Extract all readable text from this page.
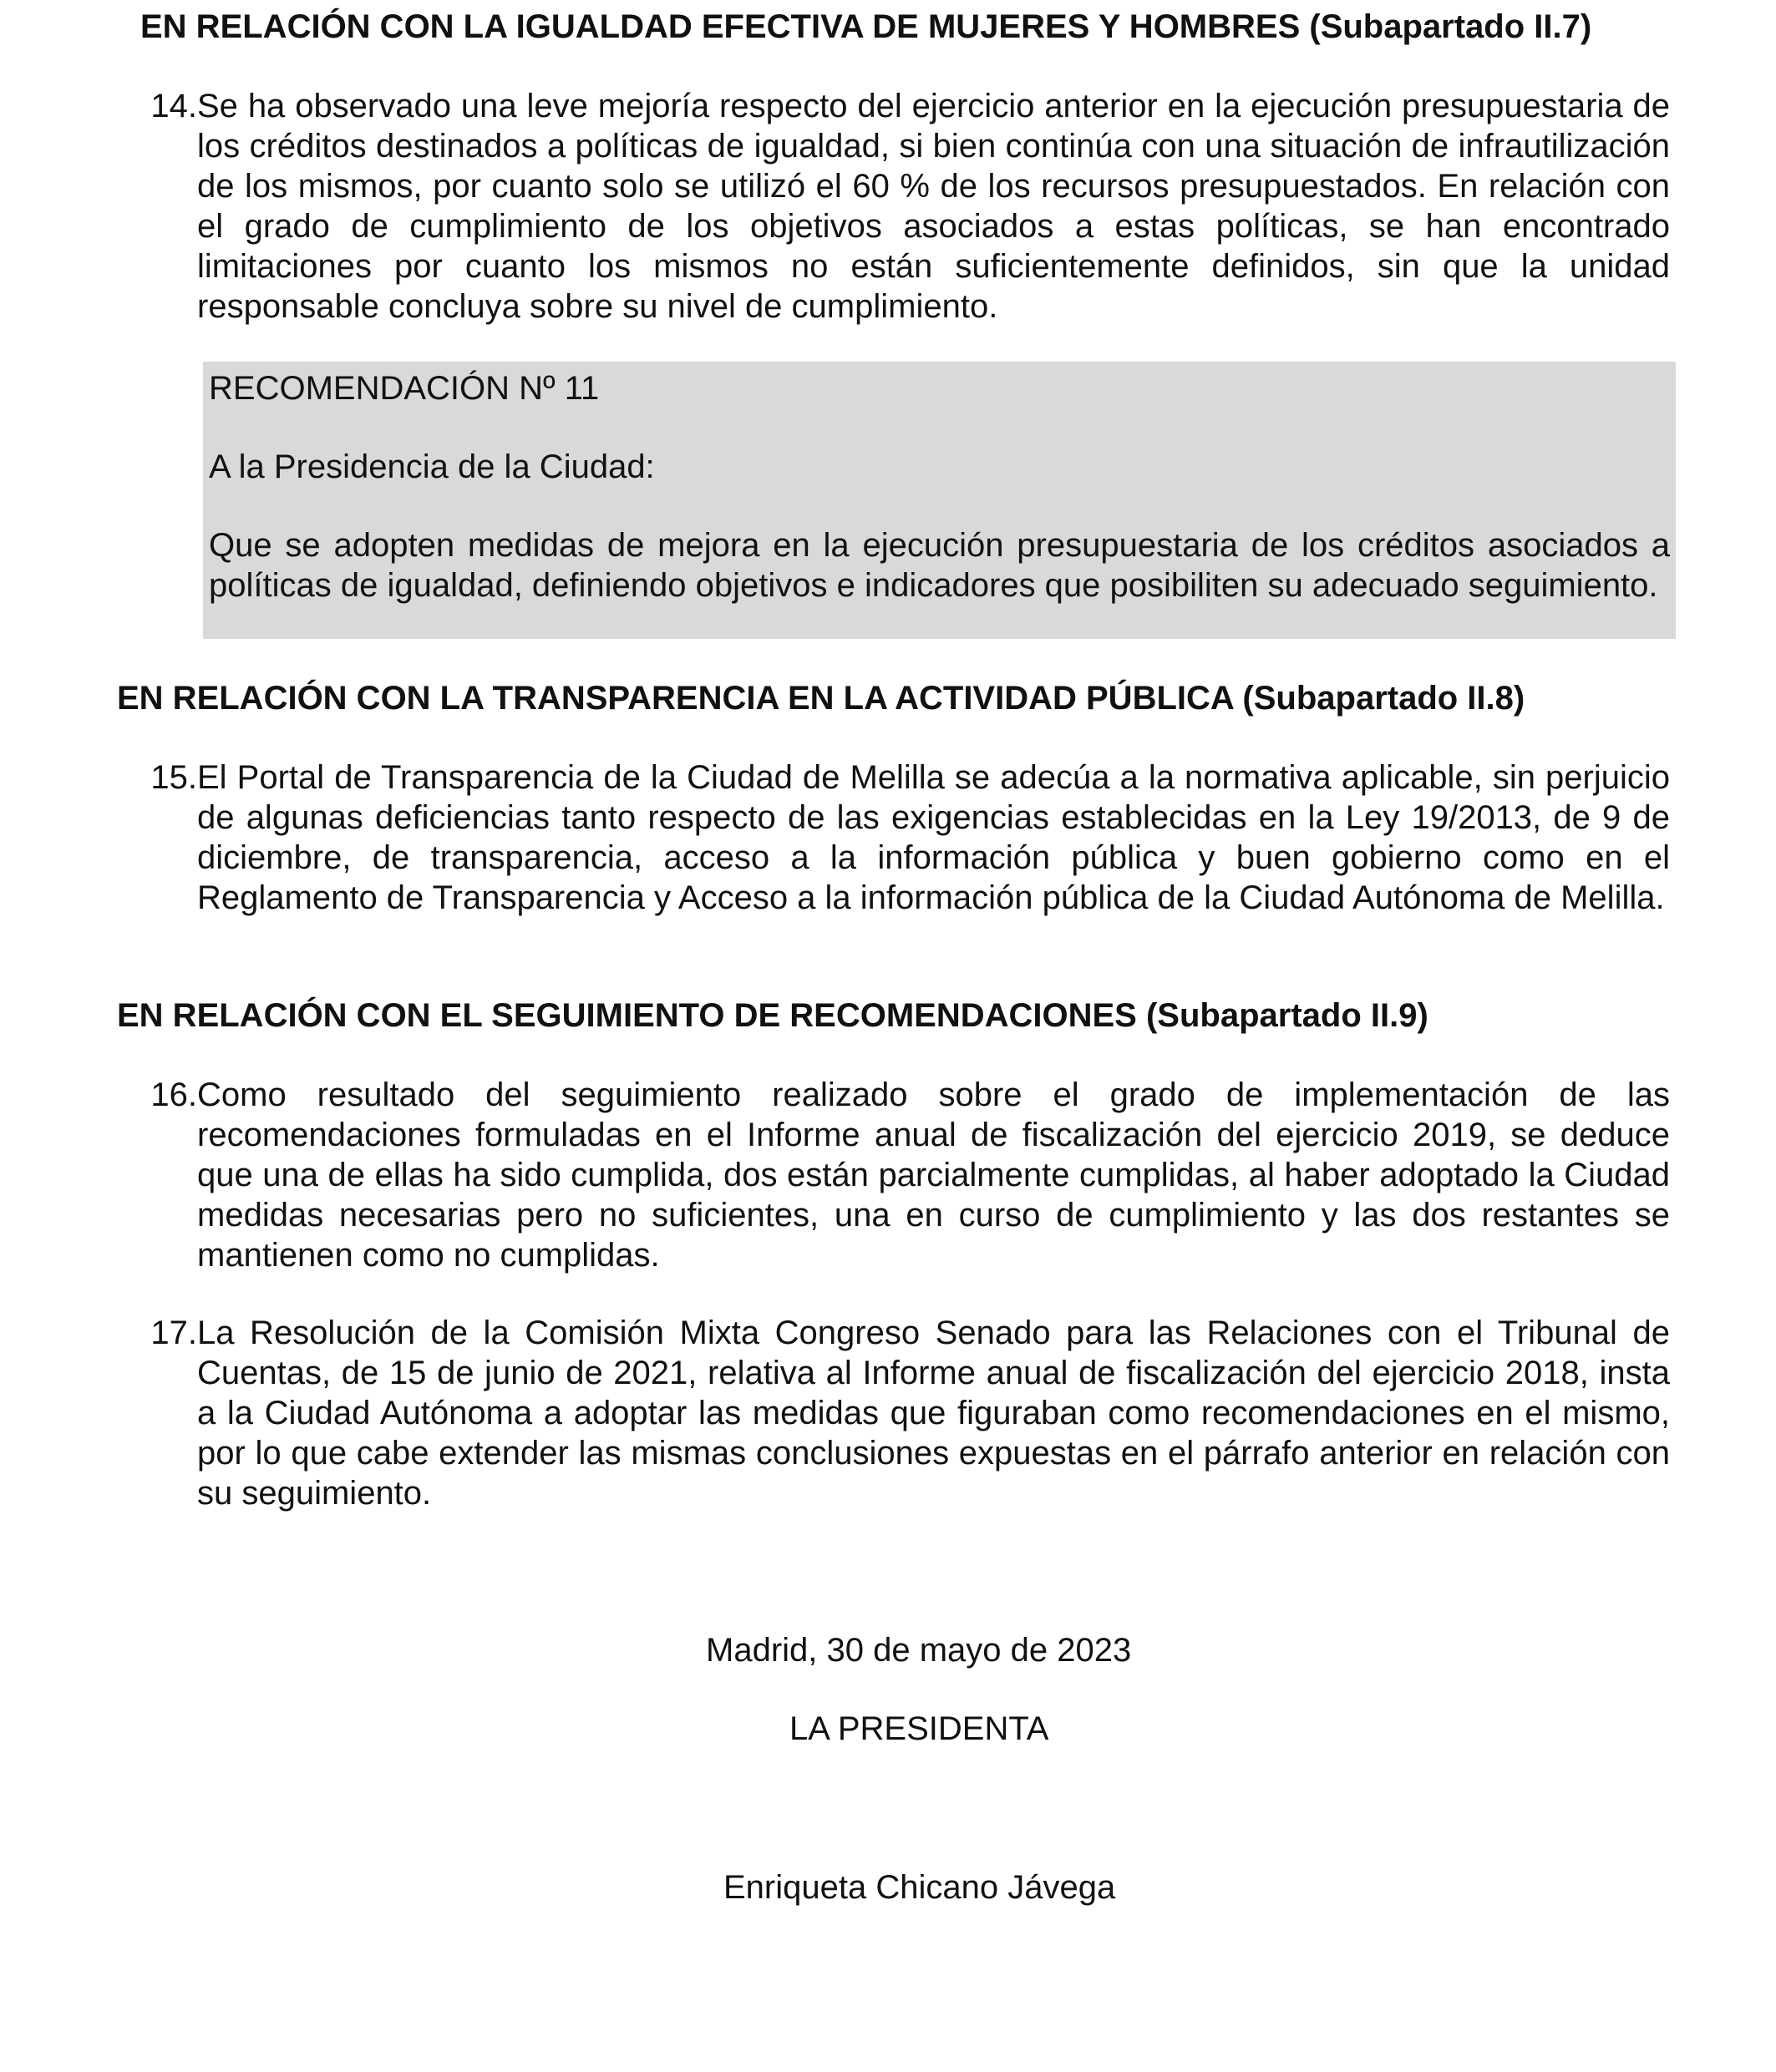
EN RELACIÓN CON LA IGUALDAD EFECTIVA DE MUJERES Y HOMBRES (Subapartado II.7)
14. Se ha observado una leve mejoría respecto del ejercicio anterior en la ejecución presupuestaria de los créditos destinados a políticas de igualdad, si bien continúa con una situación de infrautilización de los mismos, por cuanto solo se utilizó el 60 % de los recursos presupuestados. En relación con el grado de cumplimiento de los objetivos asociados a estas políticas, se han encontrado limitaciones por cuanto los mismos no están suficientemente definidos, sin que la unidad responsable concluya sobre su nivel de cumplimiento.
RECOMENDACIÓN Nº 11
A la Presidencia de la Ciudad:
Que se adopten medidas de mejora en la ejecución presupuestaria de los créditos asociados a políticas de igualdad, definiendo objetivos e indicadores que posibiliten su adecuado seguimiento.
EN RELACIÓN CON LA TRANSPARENCIA EN LA ACTIVIDAD PÚBLICA (Subapartado II.8)
15. El Portal de Transparencia de la Ciudad de Melilla se adecúa a la normativa aplicable, sin perjuicio de algunas deficiencias tanto respecto de las exigencias establecidas en la Ley 19/2013, de 9 de diciembre, de transparencia, acceso a la información pública y buen gobierno como en el Reglamento de Transparencia y Acceso a la información pública de la Ciudad Autónoma de Melilla.
EN RELACIÓN CON EL SEGUIMIENTO DE RECOMENDACIONES (Subapartado II.9)
16. Como resultado del seguimiento realizado sobre el grado de implementación de las recomendaciones formuladas en el Informe anual de fiscalización del ejercicio 2019, se deduce que una de ellas ha sido cumplida, dos están parcialmente cumplidas, al haber adoptado la Ciudad medidas necesarias pero no suficientes, una en curso de cumplimiento y las dos restantes se mantienen como no cumplidas.
17. La Resolución de la Comisión Mixta Congreso Senado para las Relaciones con el Tribunal de Cuentas, de 15 de junio de 2021, relativa al Informe anual de fiscalización del ejercicio 2018, insta a la Ciudad Autónoma a adoptar las medidas que figuraban como recomendaciones en el mismo, por lo que cabe extender las mismas conclusiones expuestas en el párrafo anterior en relación con su seguimiento.
Madrid, 30 de mayo de 2023
LA PRESIDENTA
Enriqueta Chicano Jávega
